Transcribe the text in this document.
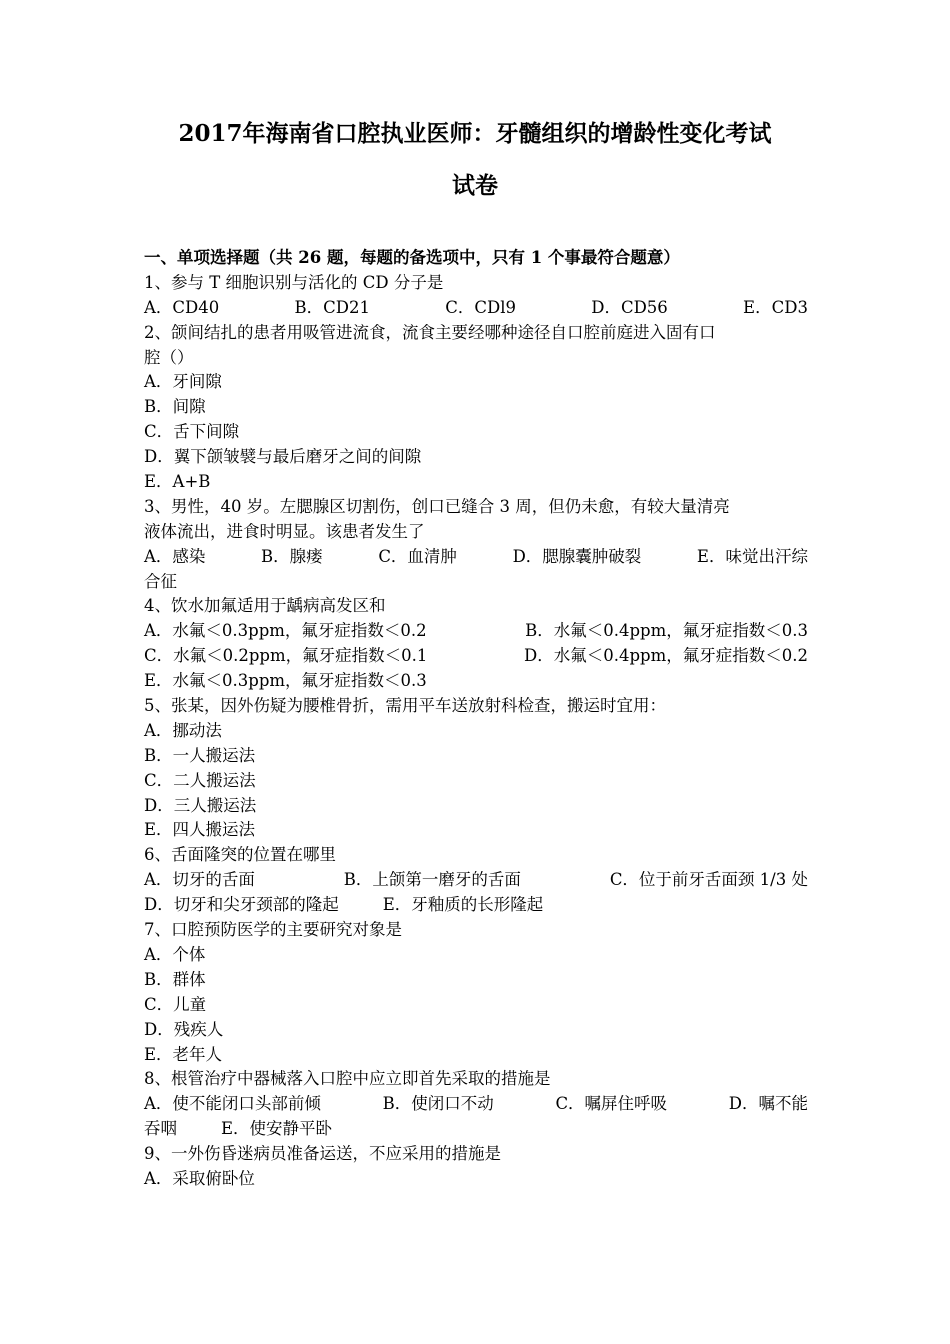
2017年海南省口腔执业医师：牙髓组织的增龄性变化考试
试卷
一、单项选择题（共 26 题，每题的备选项中，只有 1 个事最符合题意）
1、参与 T 细胞识别与活化的 CD 分子是
A．CD40	B．CD21	C．CDl9	D．CD56	E．CD3
2、颌间结扎的患者用吸管进流食，流食主要经哪种途径自口腔前庭进入固有口
腔（）
A．牙间隙
B．间隙
C．舌下间隙
D．翼下颌皱襞与最后磨牙之间的间隙
E．A+B
3、男性，40 岁。左腮腺区切割伤，创口已缝合 3 周，但仍未愈，有较大量清亮
液体流出，进食时明显。该患者发生了
A．感染	B．腺瘘	C．血清肿	D．腮腺囊肿破裂	E．味觉出汗综
合征
4、饮水加氟适用于龋病高发区和
A．水氟＜0.3ppm，氟牙症指数＜0.2	B．水氟＜0.4ppm，氟牙症指数＜0.3
C．水氟＜0.2ppm，氟牙症指数＜0.1	D．水氟＜0.4ppm，氟牙症指数＜0.2
E．水氟＜0.3ppm，氟牙症指数＜0.3
5、张某，因外伤疑为腰椎骨折，需用平车送放射科检查，搬运时宜用：
A．挪动法
B．一人搬运法
C．二人搬运法
D．三人搬运法
E．四人搬运法
6、舌面隆突的位置在哪里
A．切牙的舌面	B．上颌第一磨牙的舌面	C．位于前牙舌面颈 1/3 处
D．切牙和尖牙颈部的隆起	E．牙釉质的长形隆起
7、口腔预防医学的主要研究对象是
A．个体
B．群体
C．儿童
D．残疾人
E．老年人
8、根管治疗中器械落入口腔中应立即首先采取的措施是
A．使不能闭口头部前倾	B．使闭口不动	C．嘱屏住呼吸	D．嘱不能
吞咽	E．使安静平卧
9、一外伤昏迷病员准备运送，不应采用的措施是
A．采取俯卧位
